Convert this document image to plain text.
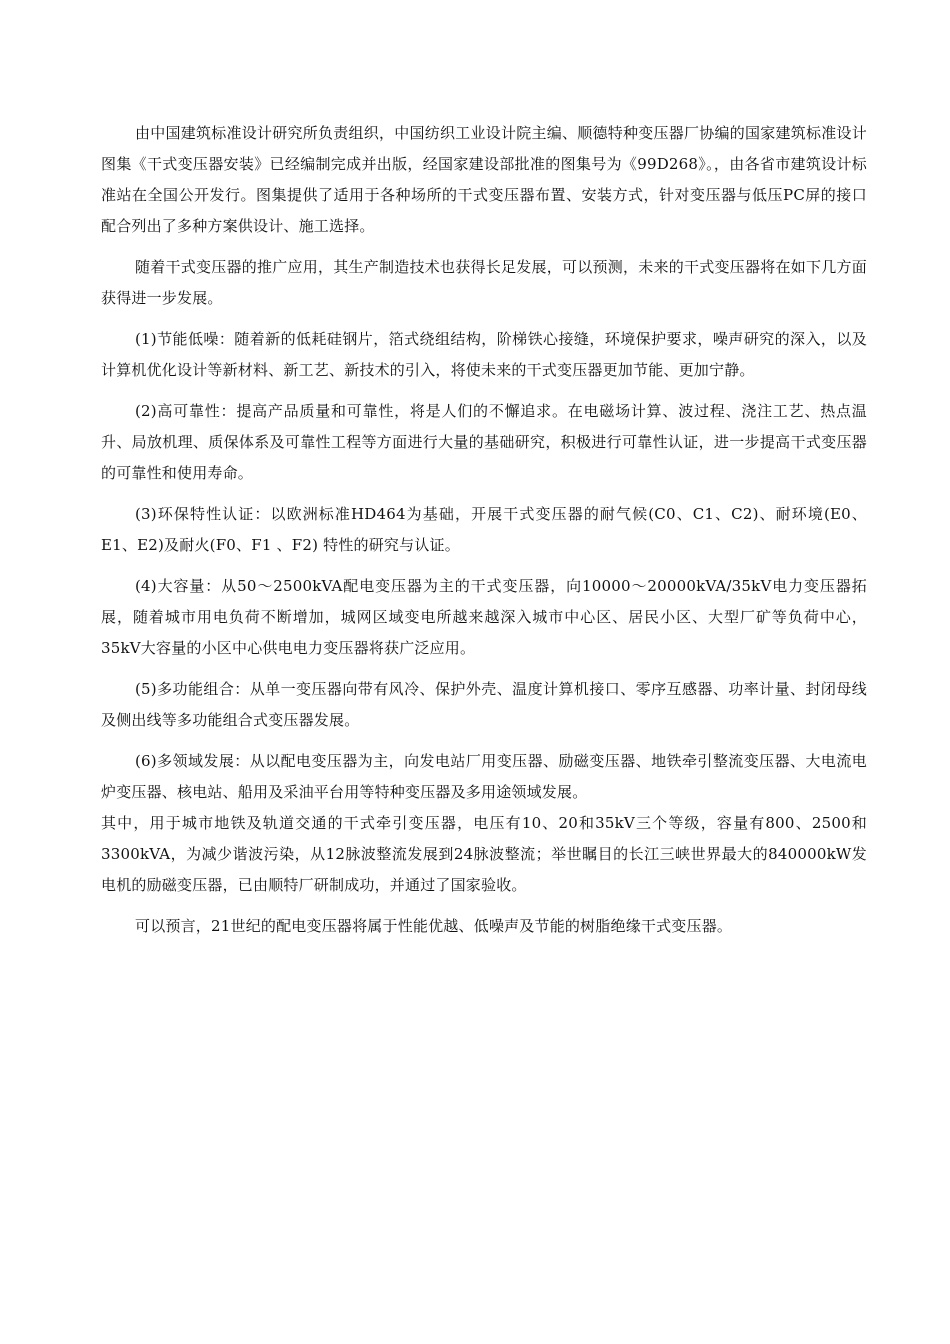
由中国建筑标准设计研究所负责组织，中国纺织工业设计院主编、顺德特种变压器厂协编的国家建筑标准设计图集《干式变压器安装》已经编制完成并出版，经国家建设部批准的图集号为《99D268》。，由各省市建筑设计标准站在全国公开发行。图集提供了适用于各种场所的干式变压器布置、安装方式，针对变压器与低压PC屏的接口配合列出了多种方案供设计、施工选择。

随着干式变压器的推广应用，其生产制造技术也获得长足发展，可以预测，未来的干式变压器将在如下几方面获得进一步发展。

(1)节能低噪：随着新的低耗硅钢片，箔式绕组结构，阶梯铁心接缝，环境保护要求，噪声研究的深入，以及计算机优化设计等新材料、新工艺、新技术的引入，将使未来的干式变压器更加节能、更加宁静。

(2)高可靠性：提高产品质量和可靠性，将是人们的不懈追求。在电磁场计算、波过程、浇注工艺、热点温升、局放机理、质保体系及可靠性工程等方面进行大量的基础研究，积极进行可靠性认证，进一步提高干式变压器的可靠性和使用寿命。

(3)环保特性认证：以欧洲标准HD464为基础，开展干式变压器的耐气候(C0、C1、C2)、耐环境(E0、E1、E2)及耐火(F0、F1 、F2) 特性的研究与认证。

(4)大容量：从50～2500kVA配电变压器为主的干式变压器，向10000～20000kVA/35kV电力变压器拓展，随着城市用电负荷不断增加，城网区域变电所越来越深入城市中心区、居民小区、大型厂矿等负荷中心，35kV大容量的小区中心供电电力变压器将获广泛应用。

(5)多功能组合：从单一变压器向带有风冷、保护外壳、温度计算机接口、零序互感器、功率计量、封闭母线及侧出线等多功能组合式变压器发展。

(6)多领域发展：从以配电变压器为主，向发电站厂用变压器、励磁变压器、地铁牵引整流变压器、大电流电炉变压器、核电站、船用及采油平台用等特种变压器及多用途领域发展。

其中，用于城市地铁及轨道交通的干式牵引变压器，电压有10、20和35kV三个等级，容量有800、2500和3300kVA，为减少谐波污染，从12脉波整流发展到24脉波整流；举世瞩目的长江三峡世界最大的840000kW发电机的励磁变压器，已由顺特厂研制成功，并通过了国家验收。

可以预言，21世纪的配电变压器将属于性能优越、低噪声及节能的树脂绝缘干式变压器。
